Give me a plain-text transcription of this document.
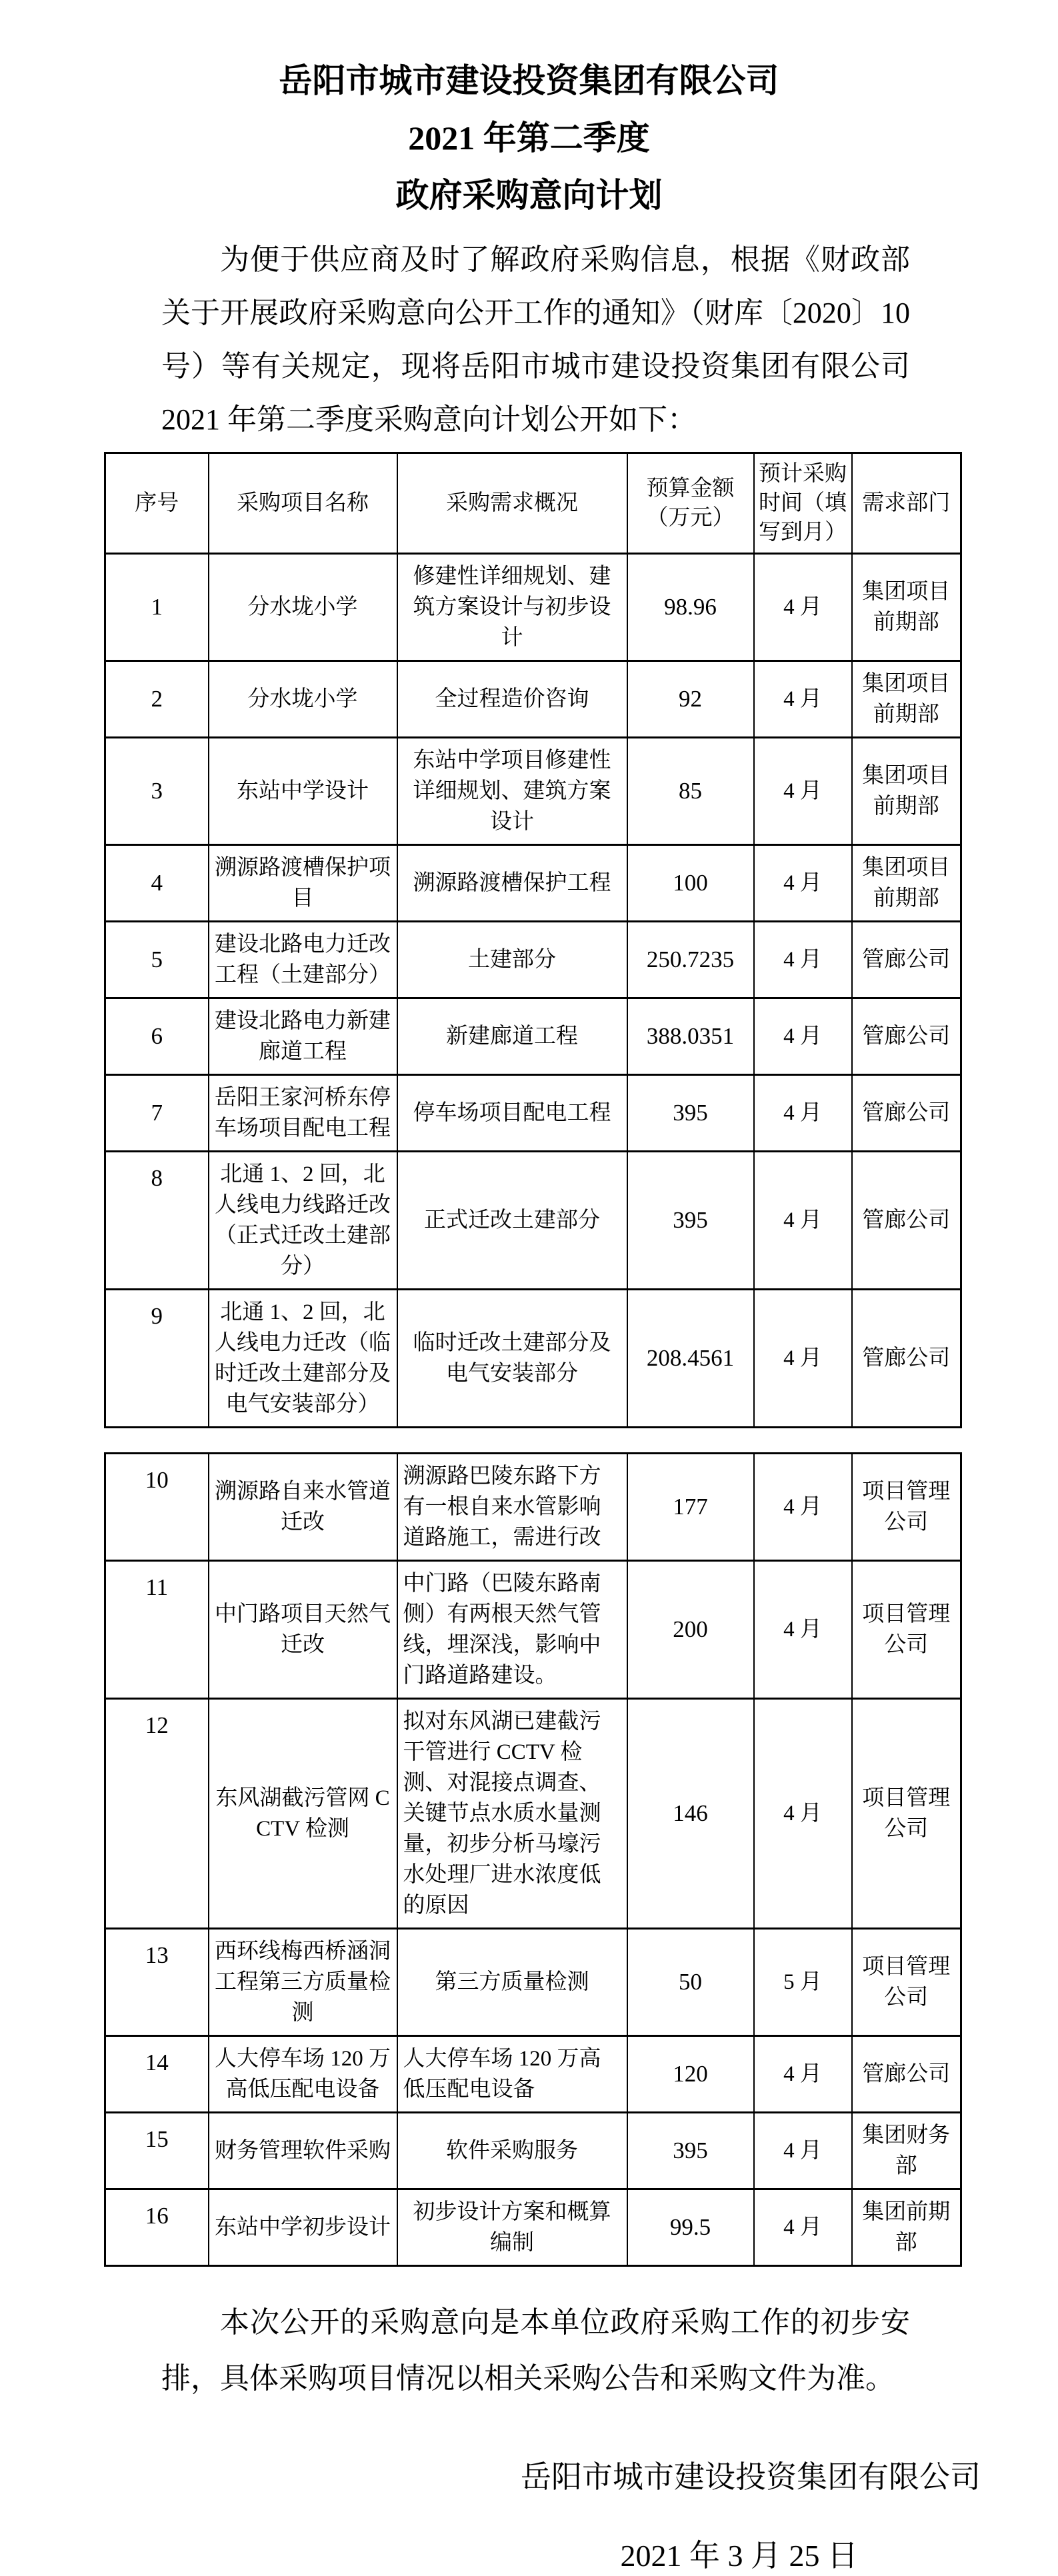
岳阳市城市建设投资集团有限公司
2021 年第二季度
政府采购意向计划

为便于供应商及时了解政府采购信息，根据《财政部关于开展政府采购意向公开工作的通知》（财库〔2020〕10 号）等有关规定，现将岳阳市城市建设投资集团有限公司 2021 年第二季度采购意向计划公开如下：

序号	采购项目名称	采购需求概况	预算金额（万元）	预计采购时间（填写到月）	需求部门
1	分水垅小学	修建性详细规划、建筑方案设计与初步设计	98.96	4 月	集团项目前期部
2	分水垅小学	全过程造价咨询	92	4 月	集团项目前期部
3	东站中学设计	东站中学项目修建性详细规划、建筑方案设计	85	4 月	集团项目前期部
4	溯源路渡槽保护项目	溯源路渡槽保护工程	100	4 月	集团项目前期部
5	建设北路电力迁改工程（土建部分）	土建部分	250.7235	4 月	管廊公司
6	建设北路电力新建廊道工程	新建廊道工程	388.0351	4 月	管廊公司
7	岳阳王家河桥东停车场项目配电工程	停车场项目配电工程	395	4 月	管廊公司
8	北通 1、2 回，北人线电力线路迁改（正式迁改土建部分）	正式迁改土建部分	395	4 月	管廊公司
9	北通 1、2 回，北人线电力迁改（临时迁改土建部分及电气安装部分）	临时迁改土建部分及电气安装部分	208.4561	4 月	管廊公司
10	溯源路自来水管道迁改	溯源路巴陵东路下方有一根自来水管影响道路施工，需进行改	177	4 月	项目管理公司
11	中门路项目天然气迁改	中门路（巴陵东路南侧）有两根天然气管线，埋深浅，影响中门路道路建设。	200	4 月	项目管理公司
12	东风湖截污管网 CCTV 检测	拟对东风湖已建截污干管进行 CCTV 检测、对混接点调查、关键节点水质水量测量，初步分析马壕污水处理厂进水浓度低的原因	146	4 月	项目管理公司
13	西环线梅西桥涵洞工程第三方质量检测	第三方质量检测	50	5 月	项目管理公司
14	人大停车场 120 万高低压配电设备	人大停车场 120 万高低压配电设备	120	4 月	管廊公司
15	财务管理软件采购	软件采购服务	395	4 月	集团财务部
16	东站中学初步设计	初步设计方案和概算编制	99.5	4 月	集团前期部

本次公开的采购意向是本单位政府采购工作的初步安排，具体采购项目情况以相关采购公告和采购文件为准。

岳阳市城市建设投资集团有限公司
2021 年 3 月 25 日
